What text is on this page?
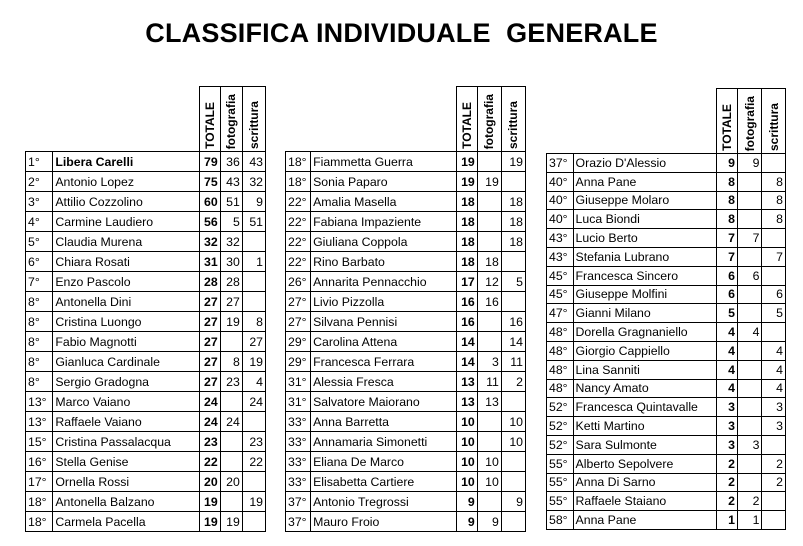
CLASSIFICA INDIVIDUALE  GENERALE

		TOTALE	fotografia	scrittura

1°	Libera Carelli	79	36	43
2°	Antonio Lopez	75	43	32
3°	Attilio Cozzolino	60	51	9
4°	Carmine Laudiero	56	5	51
5°	Claudia Murena	32	32	
6°	Chiara Rosati	31	30	1
7°	Enzo Pascolo	28	28	
8°	Antonella Dini	27	27	
8°	Cristina Luongo	27	19	8
8°	Fabio Magnotti	27		27
8°	Gianluca Cardinale	27	8	19
8°	Sergio Gradogna	27	23	4
13°	Marco Vaiano	24		24
13°	Raffaele Vaiano	24	24	
15°	Cristina Passalacqua	23		23
16°	Stella Genise	22		22
17°	Ornella Rossi	20	20	
18°	Antonella Balzano	19		19
18°	Carmela Pacella	19	19	

		TOTALE	fotografia	scrittura

18°	Fiammetta Guerra	19		19
18°	Sonia Paparo	19	19	
22°	Amalia Masella	18		18
22°	Fabiana Impaziente	18		18
22°	Giuliana Coppola	18		18
22°	Rino Barbato	18	18	
26°	Annarita Pennacchio	17	12	5
27°	Livio Pizzolla	16	16	
27°	Silvana Pennisi	16		16
29°	Carolina Attena	14		14
29°	Francesca Ferrara	14	3	11
31°	Alessia Fresca	13	11	2
31°	Salvatore Maiorano	13	13	
33°	Anna Barretta	10		10
33°	Annamaria Simonetti	10		10
33°	Eliana De Marco	10	10	
33°	Elisabetta Cartiere	10	10	
37°	Antonio Tregrossi	9		9
37°	Mauro Froio	9	9	

		TOTALE	fotografia	scrittura

37°	Orazio D'Alessio	9	9	
40°	Anna Pane	8		8
40°	Giuseppe Molaro	8		8
40°	Luca Biondi	8		8
43°	Lucio Berto	7	7	
43°	Stefania Lubrano	7		7
45°	Francesca Sincero	6	6	
45°	Giuseppe Molfini	6		6
47°	Gianni Milano	5		5
48°	Dorella Gragnaniello	4	4	
48°	Giorgio Cappiello	4		4
48°	Lina Sanniti	4		4
48°	Nancy Amato	4		4
52°	Francesca Quintavalle	3		3
52°	Ketti Martino	3		3
52°	Sara Sulmonte	3	3	
55°	Alberto Sepolvere	2		2
55°	Anna Di Sarno	2		2
55°	Raffaele Staiano	2	2	
58°	Anna Pane	1	1	
